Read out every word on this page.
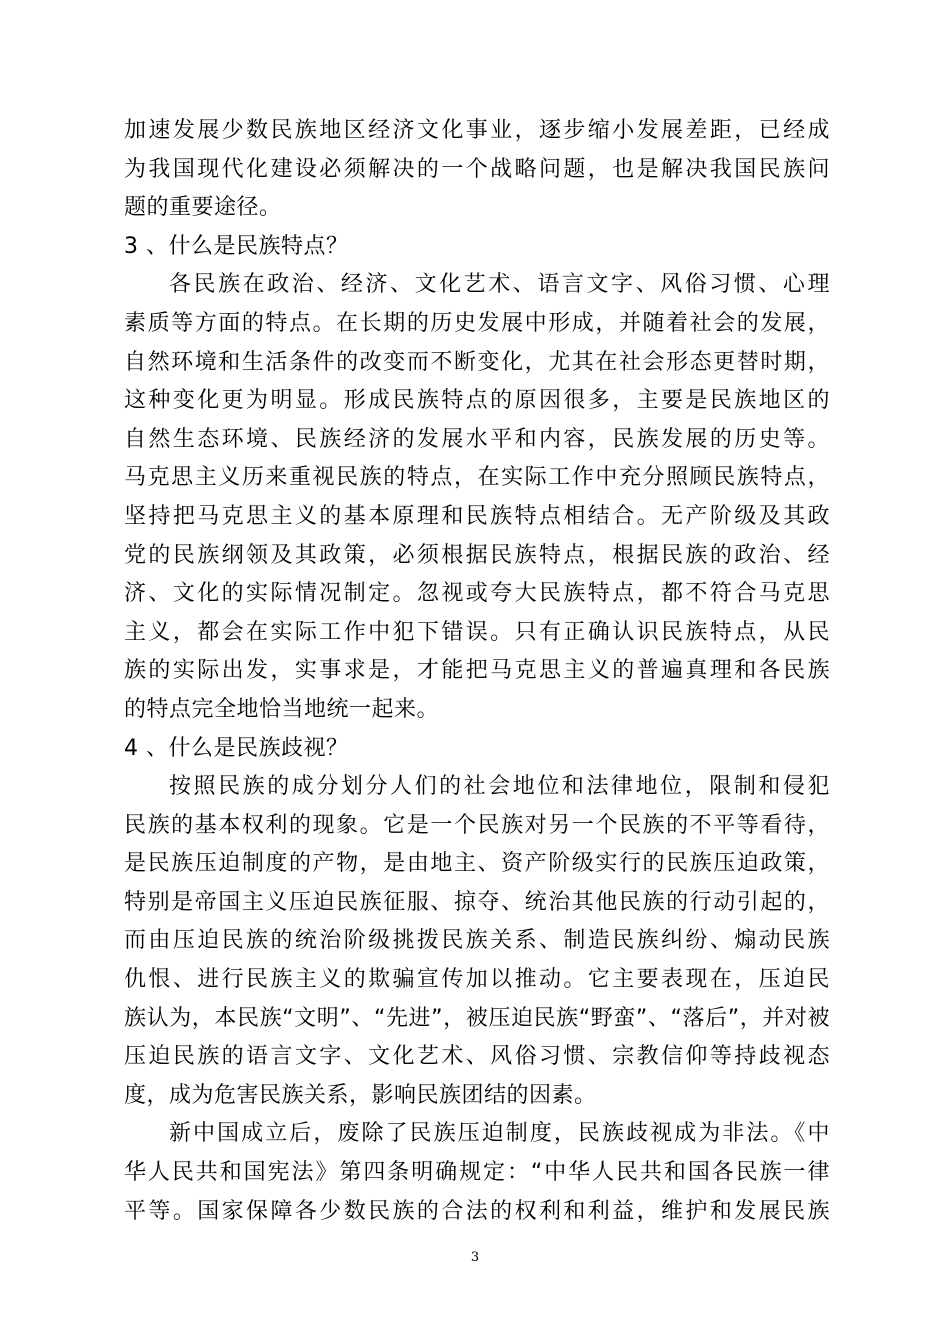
加速发展少数民族地区经济文化事业，逐步缩小发展差距，已经成
为我国现代化建设必须解决的一个战略问题，也是解决我国民族问
题的重要途径。
3 、什么是民族特点？
各民族在政治、经济、文化艺术、语言文字、风俗习惯、心理
素质等方面的特点。在长期的历史发展中形成，并随着社会的发展，
自然环境和生活条件的改变而不断变化，尤其在社会形态更替时期，
这种变化更为明显。形成民族特点的原因很多，主要是民族地区的
自然生态环境、民族经济的发展水平和内容，民族发展的历史等。
马克思主义历来重视民族的特点，在实际工作中充分照顾民族特点，
坚持把马克思主义的基本原理和民族特点相结合。无产阶级及其政
党的民族纲领及其政策，必须根据民族特点，根据民族的政治、经
济、文化的实际情况制定。忽视或夸大民族特点，都不符合马克思
主义，都会在实际工作中犯下错误。只有正确认识民族特点，从民
族的实际出发，实事求是，才能把马克思主义的普遍真理和各民族
的特点完全地恰当地统一起来。
4 、什么是民族歧视？
按照民族的成分划分人们的社会地位和法律地位，限制和侵犯
民族的基本权利的现象。它是一个民族对另一个民族的不平等看待，
是民族压迫制度的产物，是由地主、资产阶级实行的民族压迫政策，
特别是帝国主义压迫民族征服、掠夺、统治其他民族的行动引起的，
而由压迫民族的统治阶级挑拨民族关系、制造民族纠纷、煽动民族
仇恨、进行民族主义的欺骗宣传加以推动。它主要表现在，压迫民
族认为，本民族“文明”、“先进”，被压迫民族“野蛮”、“落后”，并对被
压迫民族的语言文字、文化艺术、风俗习惯、宗教信仰等持歧视态
度，成为危害民族关系，影响民族团结的因素。
新中国成立后，废除了民族压迫制度，民族歧视成为非法。《中
华人民共和国宪法》第四条明确规定：“中华人民共和国各民族一律
平等。国家保障各少数民族的合法的权利和利益，维护和发展民族
3
